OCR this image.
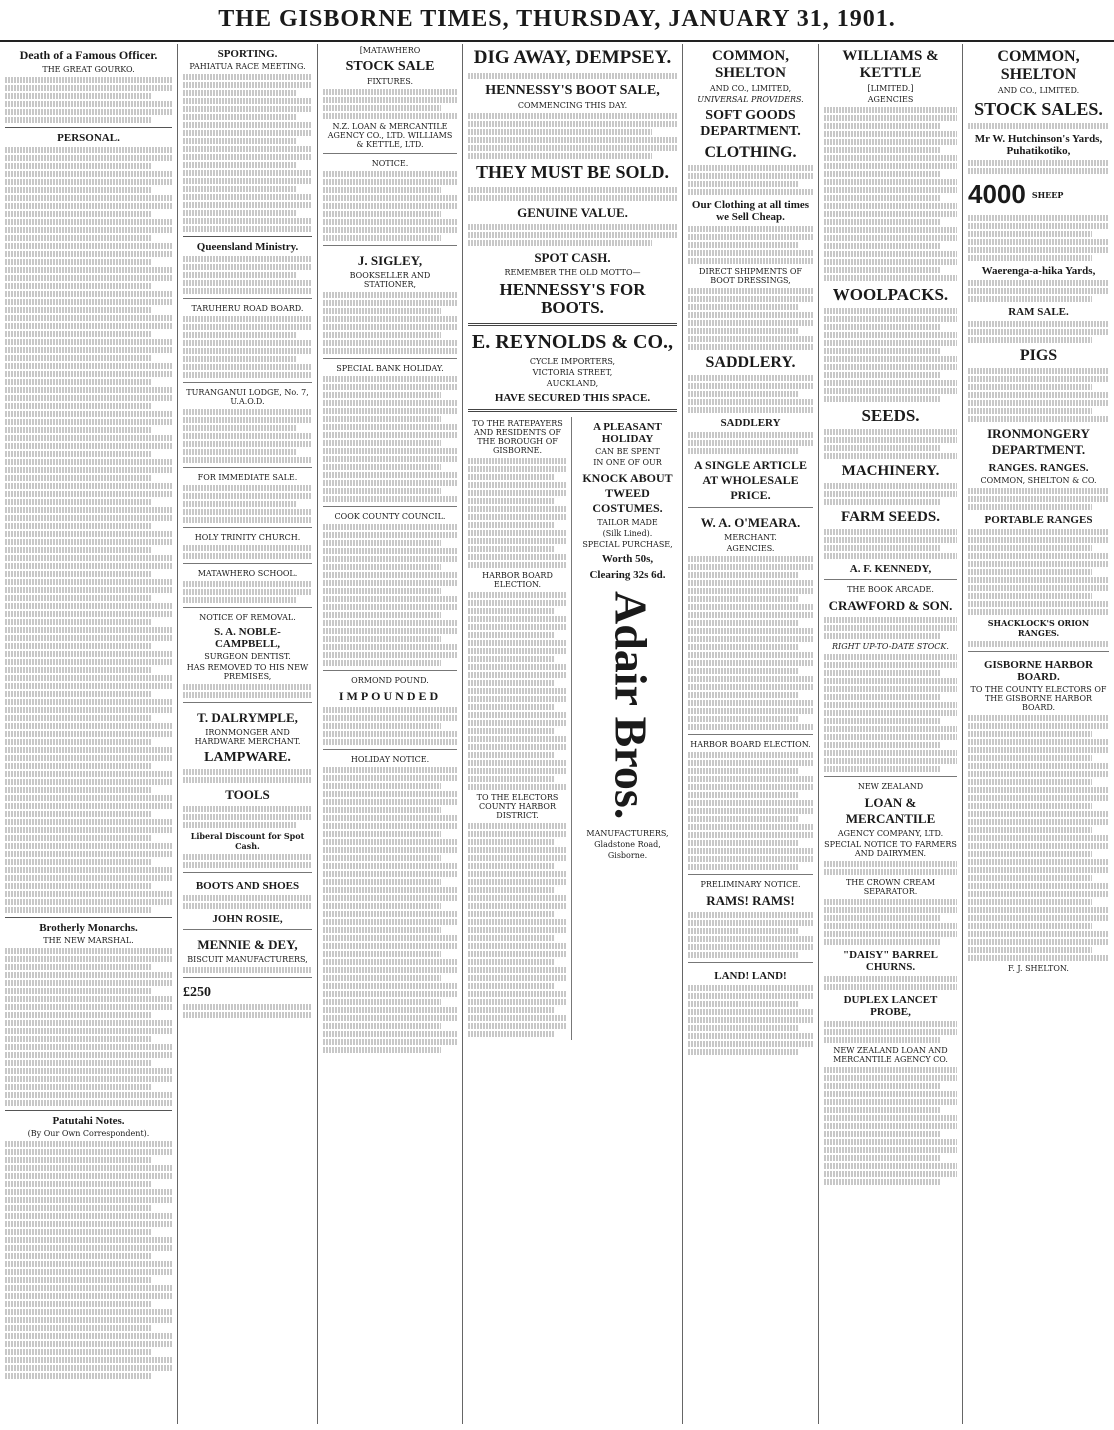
THE GISBORNE TIMES, THURSDAY, JANUARY 31, 1901.
Death of a Famous Officer.
THE GREAT GOURKO.
PERSONAL.
Brotherly Monarchs.
THE NEW MARSHAL.
Patutahi Notes.
(By Our Own Correspondent).
SPORTING.
PAHIATUA RACE MEETING.
Queensland Ministry.
TARUHERU ROAD BOARD.
TURANGANUI LODGE, No. 7, U.A.O.D.
FOR IMMEDIATE SALE.
HOLY TRINITY CHURCH.
MATAWHERO SCHOOL.
NOTICE OF REMOVAL.
S. A. NOBLE-CAMPBELL,
SURGEON DENTIST.
HAS REMOVED TO HIS NEW PREMISES,
T. DALRYMPLE,
IRONMONGER AND HARDWARE MERCHANT.
LAMPWARE.
TOOLS
Liberal Discount for Spot Cash.
BOOTS AND SHOES
JOHN ROSIE,
MENNIE & DEY,
BISCUIT MANUFACTURERS,
£250
[MATAWHERO
STOCK SALE
FIXTURES.
N.Z. LOAN & MERCANTILE AGENCY CO., LTD. WILLIAMS & KETTLE, LTD.
NOTICE.
J. SIGLEY,
BOOKSELLER AND STATIONER,
SPECIAL BANK HOLIDAY.
COOK COUNTY COUNCIL.
ORMOND POUND.
IMPOUNDED
HOLIDAY NOTICE.
DIG AWAY, DEMPSEY.
HENNESSY'S BOOT SALE,
COMMENCING THIS DAY.
THEY MUST BE SOLD.
GENUINE VALUE.
SPOT CASH.
REMEMBER THE OLD MOTTO—
HENNESSY'S FOR BOOTS.
E. REYNOLDS & CO.,
CYCLE IMPORTERS,
VICTORIA STREET,
AUCKLAND,
HAVE SECURED THIS SPACE.
TO THE RATEPAYERS AND RESIDENTS OF THE BOROUGH OF GISBORNE.
HARBOR BOARD ELECTION.
TO THE ELECTORS COUNTY HARBOR DISTRICT.
A PLEASANT HOLIDAY
CAN BE SPENT
IN ONE OF OUR
KNOCK ABOUT TWEED COSTUMES.
TAILOR MADE
(Silk Lined).
SPECIAL PURCHASE,
Worth 50s,
Clearing 32s 6d.
Adair Bros.
MANUFACTURERS,
Gladstone Road,
Gisborne.
COMMON, SHELTON
AND CO., LIMITED,
UNIVERSAL PROVIDERS.
SOFT GOODS DEPARTMENT.
CLOTHING.
Our Clothing at all times we Sell Cheap.
DIRECT SHIPMENTS OF BOOT DRESSINGS,
SADDLERY.
SADDLERY
A SINGLE ARTICLE AT WHOLESALE PRICE.
W. A. O'MEARA.
MERCHANT.
AGENCIES.
HARBOR BOARD ELECTION.
PRELIMINARY NOTICE.
RAMS! RAMS!
LAND! LAND!
WILLIAMS & KETTLE
[LIMITED.]
AGENCIES
WOOLPACKS.
SEEDS.
MACHINERY.
FARM SEEDS.
A. F. KENNEDY,
THE BOOK ARCADE.
CRAWFORD & SON.
RIGHT UP-TO-DATE STOCK.
NEW ZEALAND
LOAN & MERCANTILE
AGENCY COMPANY, LTD.
SPECIAL NOTICE TO FARMERS AND DAIRYMEN.
THE CROWN CREAM SEPARATOR.
"DAISY" BARREL CHURNS.
DUPLEX LANCET PROBE,
NEW ZEALAND LOAN AND MERCANTILE AGENCY CO.
COMMON, SHELTON
AND CO., LIMITED.
STOCK SALES.
Mr W. Hutchinson's Yards, Puhatikotiko,
4000 SHEEP
Waerenga-a-hika Yards,
RAM SALE.
PIGS
IRONMONGERY DEPARTMENT.
RANGES. RANGES.
COMMON, SHELTON & CO.
PORTABLE RANGES
SHACKLOCK'S ORION RANGES.
GISBORNE HARBOR BOARD.
TO THE COUNTY ELECTORS OF THE GISBORNE HARBOR BOARD.
F. J. SHELTON.
